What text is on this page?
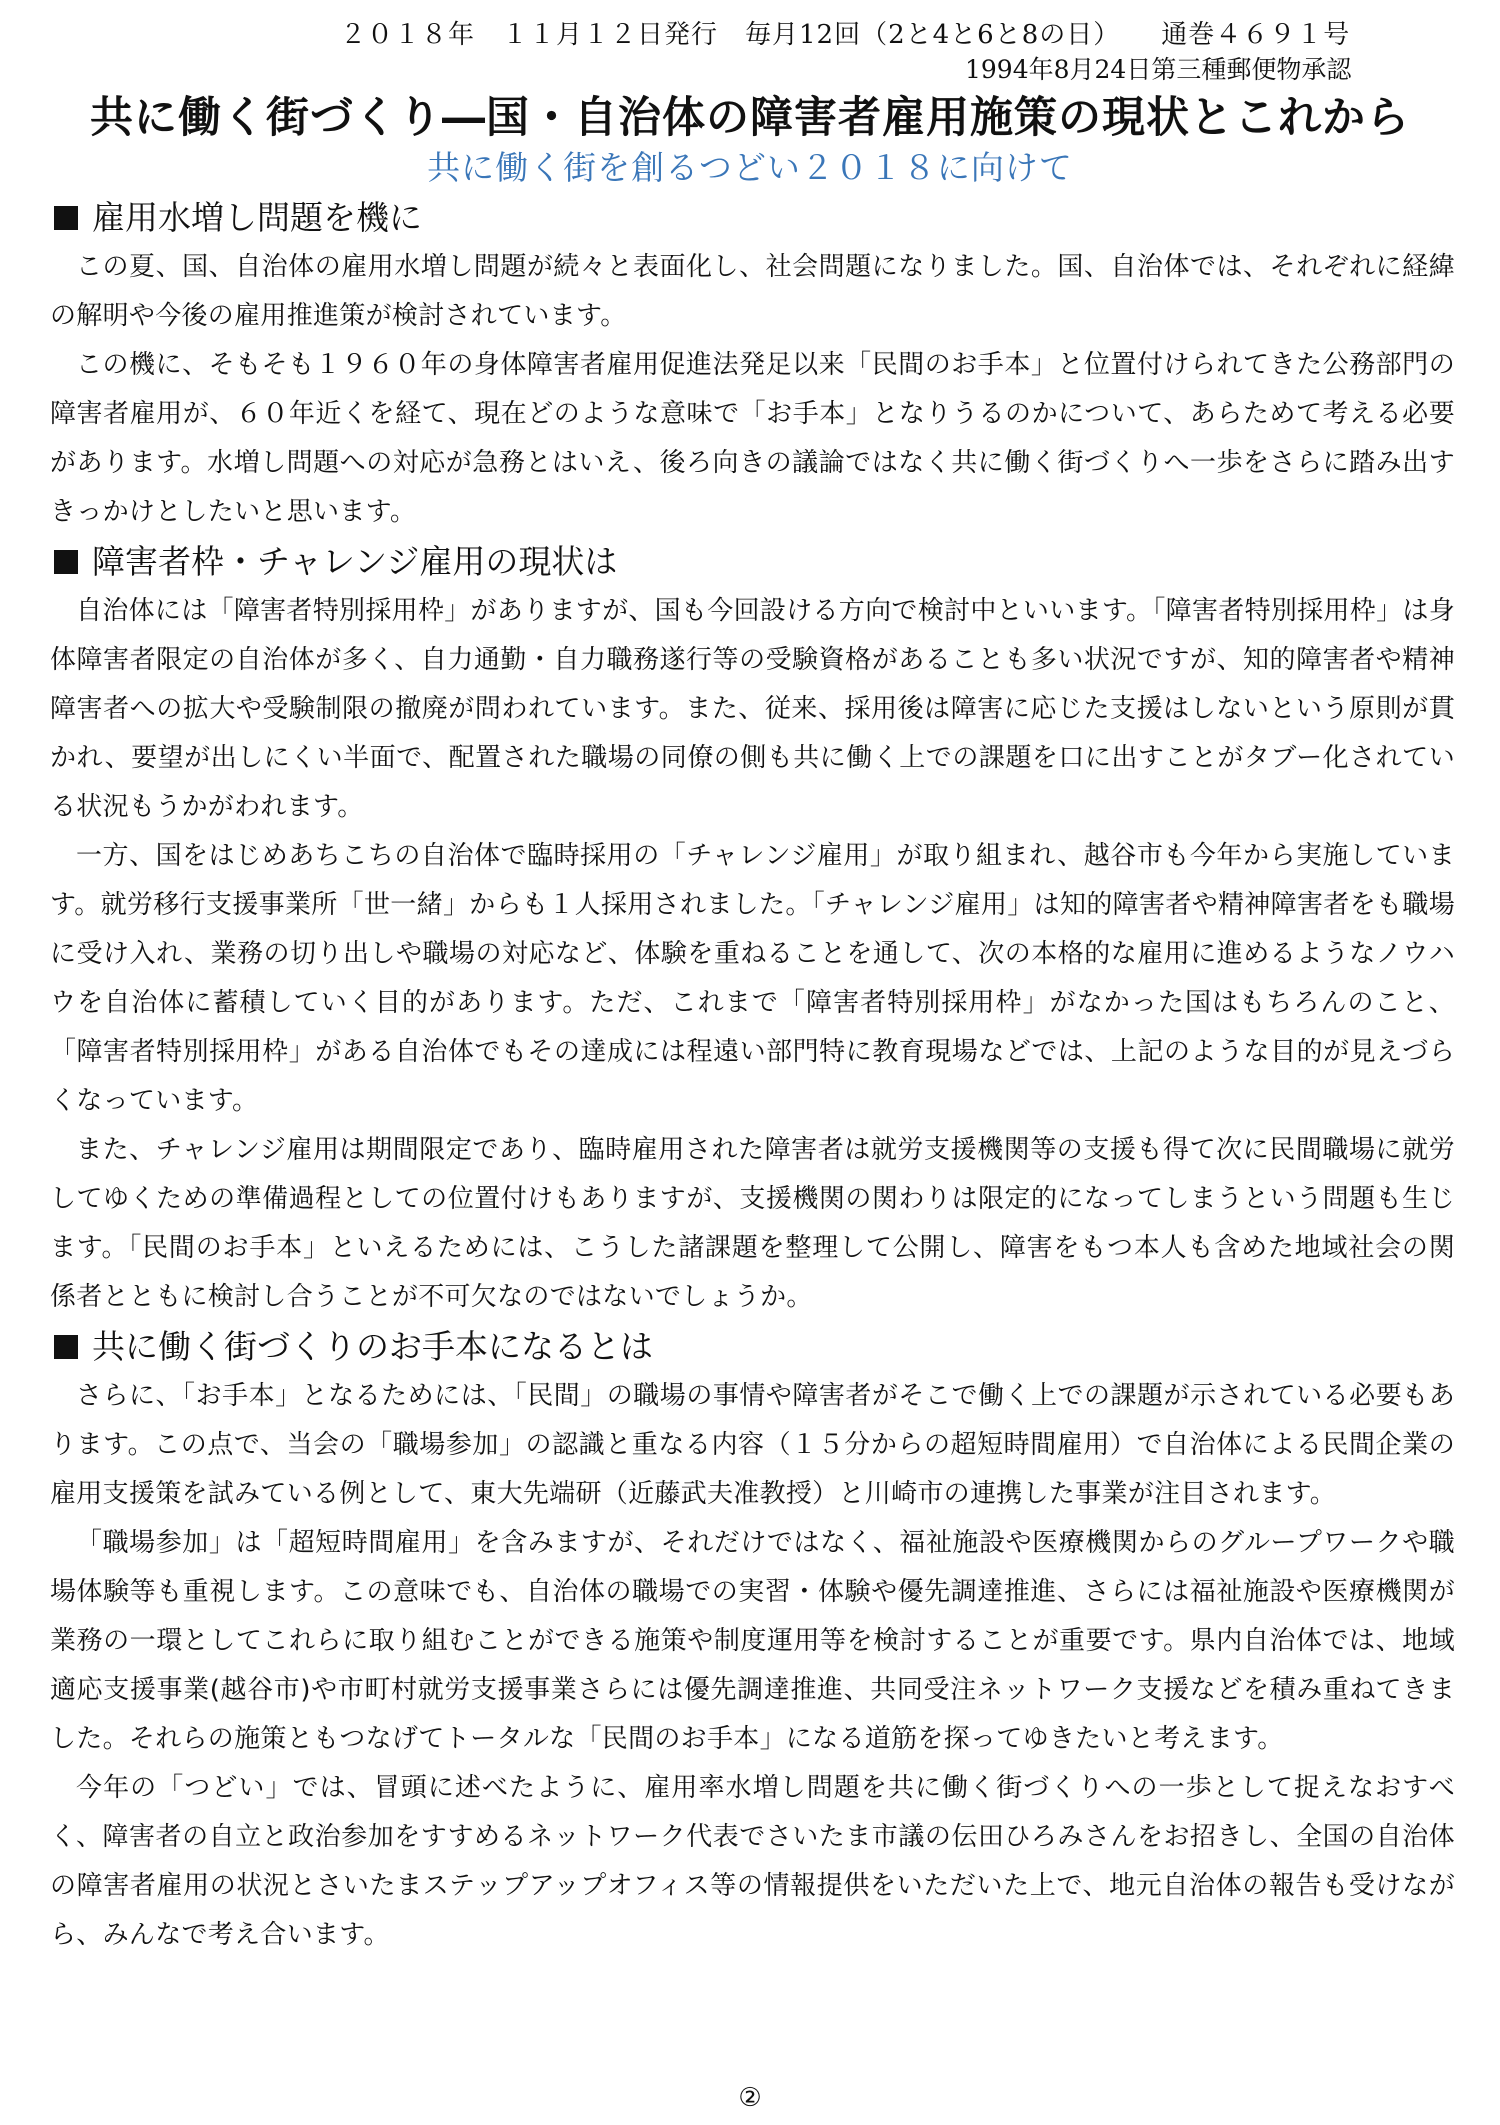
２０１８年　１１月１２日発行　毎月12回（2と4と6と8の日）　　通巻４６９１号
1994年8月24日第三種郵便物承認
共に働く街づくり―国・自治体の障害者雇用施策の現状とこれから
共に働く街を創るつどい２０１８に向けて
雇用水増し問題を機に

この夏、国、自治体の雇用水増し問題が続々と表面化し、社会問題になりました。国、自治体では、それぞれに経緯の解明や今後の雇用推進策が検討されています。

この機に、そもそも１９６０年の身体障害者雇用促進法発足以来「民間のお手本」と位置付けられてきた公務部門の障害者雇用が、６０年近くを経て、現在どのような意味で「お手本」となりうるのかについて、あらためて考える必要があります。水増し問題への対応が急務とはいえ、後ろ向きの議論ではなく共に働く街づくりへ一歩をさらに踏み出すきっかけとしたいと思います。

障害者枠・チャレンジ雇用の現状は

自治体には「障害者特別採用枠」がありますが、国も今回設ける方向で検討中といいます。「障害者特別採用枠」は身体障害者限定の自治体が多く、自力通勤・自力職務遂行等の受験資格があることも多い状況ですが、知的障害者や精神障害者への拡大や受験制限の撤廃が問われています。また、従来、採用後は障害に応じた支援はしないという原則が貫かれ、要望が出しにくい半面で、配置された職場の同僚の側も共に働く上での課題を口に出すことがタブー化されている状況もうかがわれます。

一方、国をはじめあちこちの自治体で臨時採用の「チャレンジ雇用」が取り組まれ、越谷市も今年から実施しています。就労移行支援事業所「世一緒」からも１人採用されました。「チャレンジ雇用」は知的障害者や精神障害者をも職場に受け入れ、業務の切り出しや職場の対応など、体験を重ねることを通して、次の本格的な雇用に進めるようなノウハウを自治体に蓄積していく目的があります。ただ、これまで「障害者特別採用枠」がなかった国はもちろんのこと、「障害者特別採用枠」がある自治体でもその達成には程遠い部門特に教育現場などでは、上記のような目的が見えづらくなっています。

また、チャレンジ雇用は期間限定であり、臨時雇用された障害者は就労支援機関等の支援も得て次に民間職場に就労してゆくための準備過程としての位置付けもありますが、支援機関の関わりは限定的になってしまうという問題も生じます。「民間のお手本」といえるためには、こうした諸課題を整理して公開し、障害をもつ本人も含めた地域社会の関係者とともに検討し合うことが不可欠なのではないでしょうか。

共に働く街づくりのお手本になるとは

さらに、「お手本」となるためには、「民間」の職場の事情や障害者がそこで働く上での課題が示されている必要もあります。この点で、当会の「職場参加」の認識と重なる内容（１５分からの超短時間雇用）で自治体による民間企業の雇用支援策を試みている例として、東大先端研（近藤武夫准教授）と川崎市の連携した事業が注目されます。

「職場参加」は「超短時間雇用」を含みますが、それだけではなく、福祉施設や医療機関からのグループワークや職場体験等も重視します。この意味でも、自治体の職場での実習・体験や優先調達推進、さらには福祉施設や医療機関が業務の一環としてこれらに取り組むことができる施策や制度運用等を検討することが重要です。県内自治体では、地域適応支援事業(越谷市)や市町村就労支援事業さらには優先調達推進、共同受注ネットワーク支援などを積み重ねてきました。それらの施策ともつなげてトータルな「民間のお手本」になる道筋を探ってゆきたいと考えます。

今年の「つどい」では、冒頭に述べたように、雇用率水増し問題を共に働く街づくりへの一歩として捉えなおすべく、障害者の自立と政治参加をすすめるネットワーク代表でさいたま市議の伝田ひろみさんをお招きし、全国の自治体の障害者雇用の状況とさいたまステップアップオフィス等の情報提供をいただいた上で、地元自治体の報告も受けながら、みんなで考え合います。

②
